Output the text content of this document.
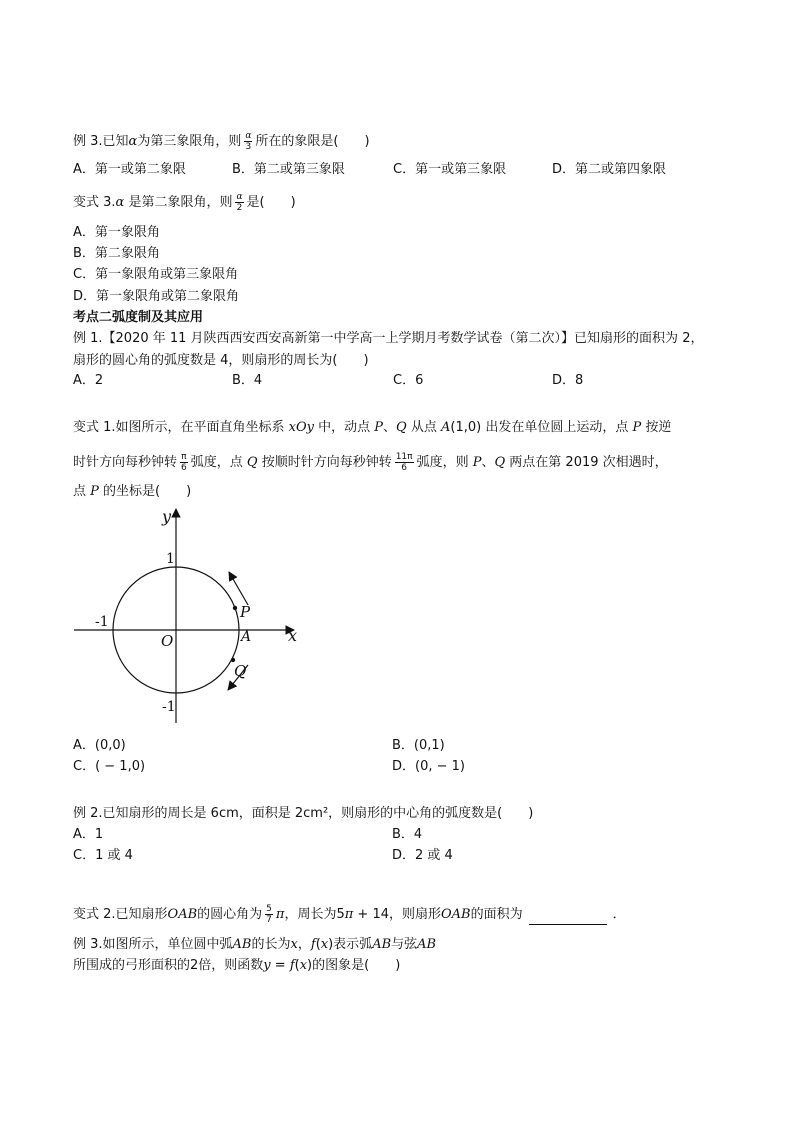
例 3.已知α为第三象限角，则 $\frac{\alpha}{3}$ 所在的象限是(　　)
A．第一或第二象限	B．第二或第三象限	C．第一或第三象限	D．第二或第四象限
变式 3.α 是第二象限角，则 $\frac{\alpha}{2}$ 是(　　)
A．第一象限角
B．第二象限角
C．第一象限角或第三象限角
D．第一象限角或第二象限角
考点二弧度制及其应用
例 1.【2020 年 11 月陕西西安西安高新第一中学高一上学期月考数学试卷（第二次）】已知扇形的面积为 2，
扇形的圆心角的弧度数是 4，则扇形的周长为(　　)
A．2	B．4	C．6	D．8
变式 1.如图所示，在平面直角坐标系 xOy 中，动点 P、Q 从点 A(1,0) 出发在单位圆上运动，点 P 按逆
时针方向每秒钟转 $\frac{\pi}{6}$ 弧度，点 Q 按顺时针方向每秒钟转 $\frac{11\pi}{6}$ 弧度，则 P、Q 两点在第 2019 次相遇时，
点 P 的坐标是(　　)
y
x
O
1
-1
-1
P
A
Q
A．(0,0)	B．(0,1)
C．( − 1,0)	D．(0, − 1)
例 2.已知扇形的周长是 6cm，面积是 2cm²，则扇形的中心角的弧度数是(　　)
A．1	B．4
C．1 或 4	D．2 或 4
变式 2.已知扇形OAB的圆心角为 $\frac{5}{7}$ π，周长为5π + 14，则扇形OAB的面积为	．
例 3.如图所示，单位圆中弧AB的长为x，f(x)表示弧AB与弦AB
所围成的弓形面积的2倍，则函数y = f(x)的图象是(　　)
